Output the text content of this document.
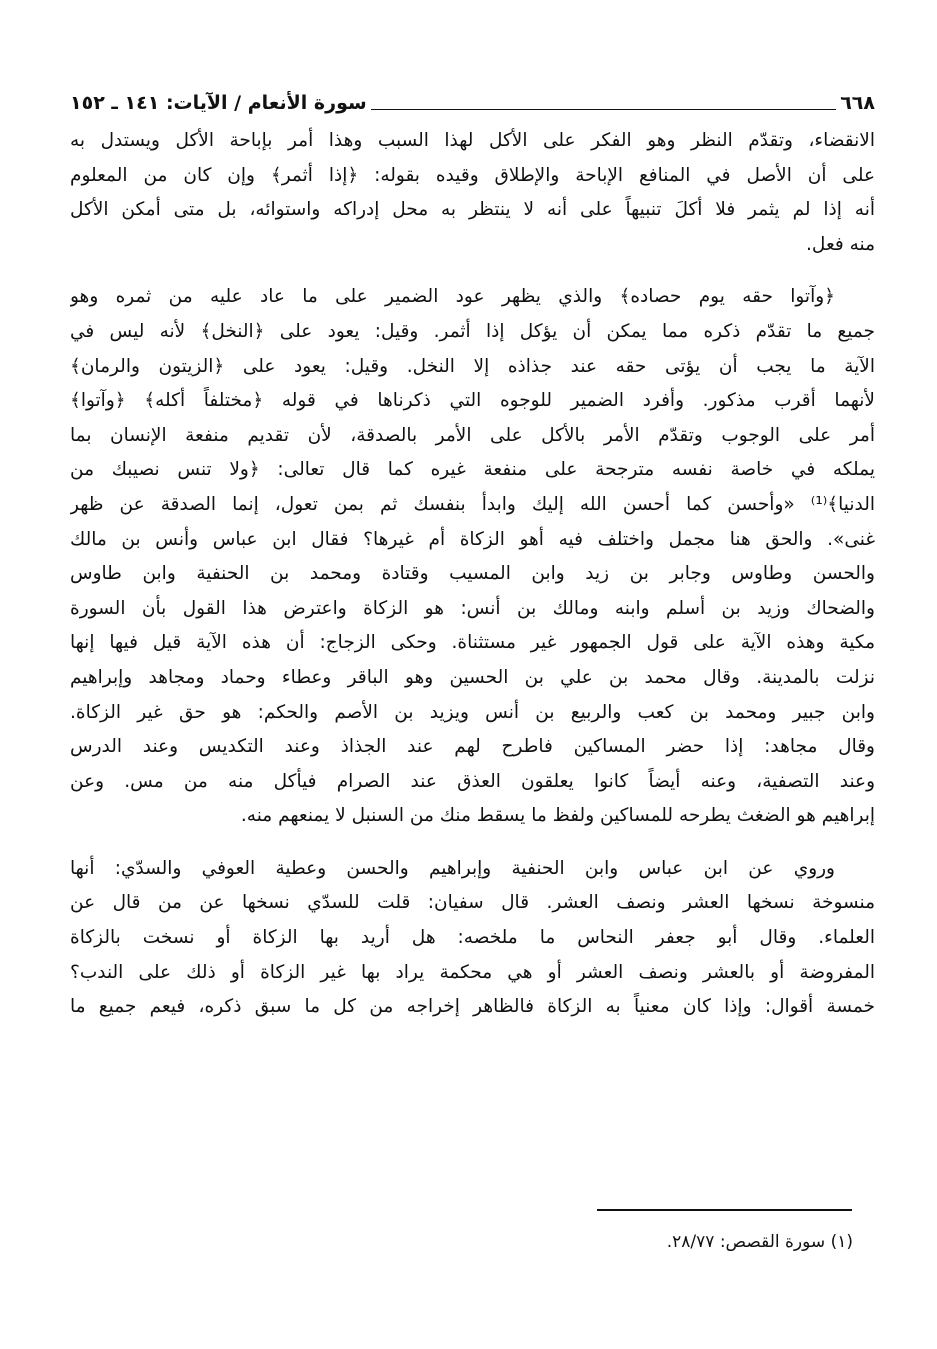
٦٦٨
سورة الأنعام / الآيات: ١٤١ ـ ١٥٢
الانقضاء، وتقدّم النظر وهو الفكر على الأكل لهذا السبب وهذا أمر بإباحة الأكل ويستدل به
على أن الأصل في المنافع الإباحة والإطلاق وقيده بقوله: ﴿إذا أثمر﴾ وإن كان من المعلوم
أنه إذا لم يثمر فلا أكلَ تنبيهاً على أنه لا ينتظر به محل إدراكه واستوائه، بل متى أمكن الأكل
منه فعل.
﴿وآتوا حقه يوم حصاده﴾ والذي يظهر عود الضمير على ما عاد عليه من ثمره وهو
جميع ما تقدّم ذكره مما يمكن أن يؤكل إذا أثمر. وقيل: يعود على ﴿النخل﴾ لأنه ليس في
الآية ما يجب أن يؤتى حقه عند جذاذه إلا النخل. وقيل: يعود على ﴿الزيتون والرمان﴾
لأنهما أقرب مذكور. وأفرد الضمير للوجوه التي ذكرناها في قوله ﴿مختلفاً أكله﴾ ﴿وآتوا﴾
أمر على الوجوب وتقدّم الأمر بالأكل على الأمر بالصدقة، لأن تقديم منفعة الإنسان بما
يملكه في خاصة نفسه مترجحة على منفعة غيره كما قال تعالى: ﴿ولا تنس نصيبك من
الدنيا﴾⁽¹⁾ «وأحسن كما أحسن الله إليك وابدأ بنفسك ثم بمن تعول، إنما الصدقة عن ظهر
غنى». والحق هنا مجمل واختلف فيه أهو الزكاة أم غيرها؟ فقال ابن عباس وأنس بن مالك
والحسن وطاوس وجابر بن زيد وابن المسيب وقتادة ومحمد بن الحنفية وابن طاوس
والضحاك وزيد بن أسلم وابنه ومالك بن أنس: هو الزكاة واعترض هذا القول بأن السورة
مكية وهذه الآية على قول الجمهور غير مستثناة. وحكى الزجاج: أن هذه الآية قيل فيها إنها
نزلت بالمدينة. وقال محمد بن علي بن الحسين وهو الباقر وعطاء وحماد ومجاهد وإبراهيم
وابن جبير ومحمد بن كعب والربيع بن أنس ويزيد بن الأصم والحكم: هو حق غير الزكاة.
وقال مجاهد: إذا حضر المساكين فاطرح لهم عند الجذاذ وعند التكديس وعند الدرس
وعند التصفية، وعنه أيضاً كانوا يعلقون العذق عند الصرام فيأكل منه من مس. وعن
إبراهيم هو الضغث يطرحه للمساكين ولفظ ما يسقط منك من السنبل لا يمنعهم منه.
وروي عن ابن عباس وابن الحنفية وإبراهيم والحسن وعطية العوفي والسدّي: أنها
منسوخة نسخها العشر ونصف العشر. قال سفيان: قلت للسدّي نسخها عن من قال عن
العلماء. وقال أبو جعفر النحاس ما ملخصه: هل أريد بها الزكاة أو نسخت بالزكاة
المفروضة أو بالعشر ونصف العشر أو هي محكمة يراد بها غير الزكاة أو ذلك على الندب؟
خمسة أقوال: وإذا كان معنياً به الزكاة فالظاهر إخراجه من كل ما سبق ذكره، فيعم جميع ما
(١) سورة القصص: ٢٨/٧٧.
